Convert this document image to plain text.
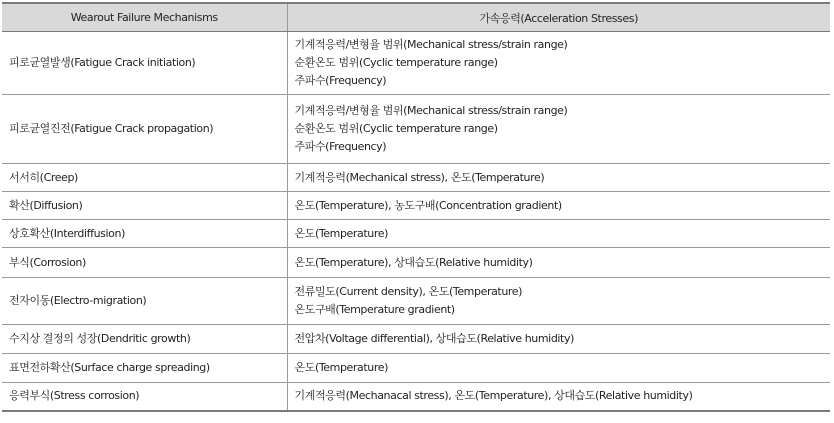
Wearout Failure Mechanisms	가속응력(Acceleration Stresses)
피로균열발생(Fatigue Crack initiation)	기계적응력/변형율 범위(Mechanical stress/strain range)
순환온도 범위(Cyclic temperature range)
주파수(Frequency)

피로균열진전(Fatigue Crack propagation)	기계적응력/변형율 범위(Mechanical stress/strain range)
순환온도 범위(Cyclic temperature range)
주파수(Frequency)

서서히(Creep)	기계적응력(Mechanical stress), 온도(Temperature)

확산(Diffusion)	온도(Temperature), 농도구배(Concentration gradient)

상호확산(Interdiffusion)	온도(Temperature)

부식(Corrosion)	온도(Temperature), 상대습도(Relative humidity)

전자이동(Electro-migration)	전류밀도(Current density), 온도(Temperature)
온도구배(Temperature gradient)

수지상 결정의 성장(Dendritic growth)	전압차(Voltage differential), 상대습도(Relative humidity)

표면전하확산(Surface charge spreading)	온도(Temperature)

응력부식(Stress corrosion)	기계적응력(Mechanacal stress), 온도(Temperature), 상대습도(Relative humidity)
